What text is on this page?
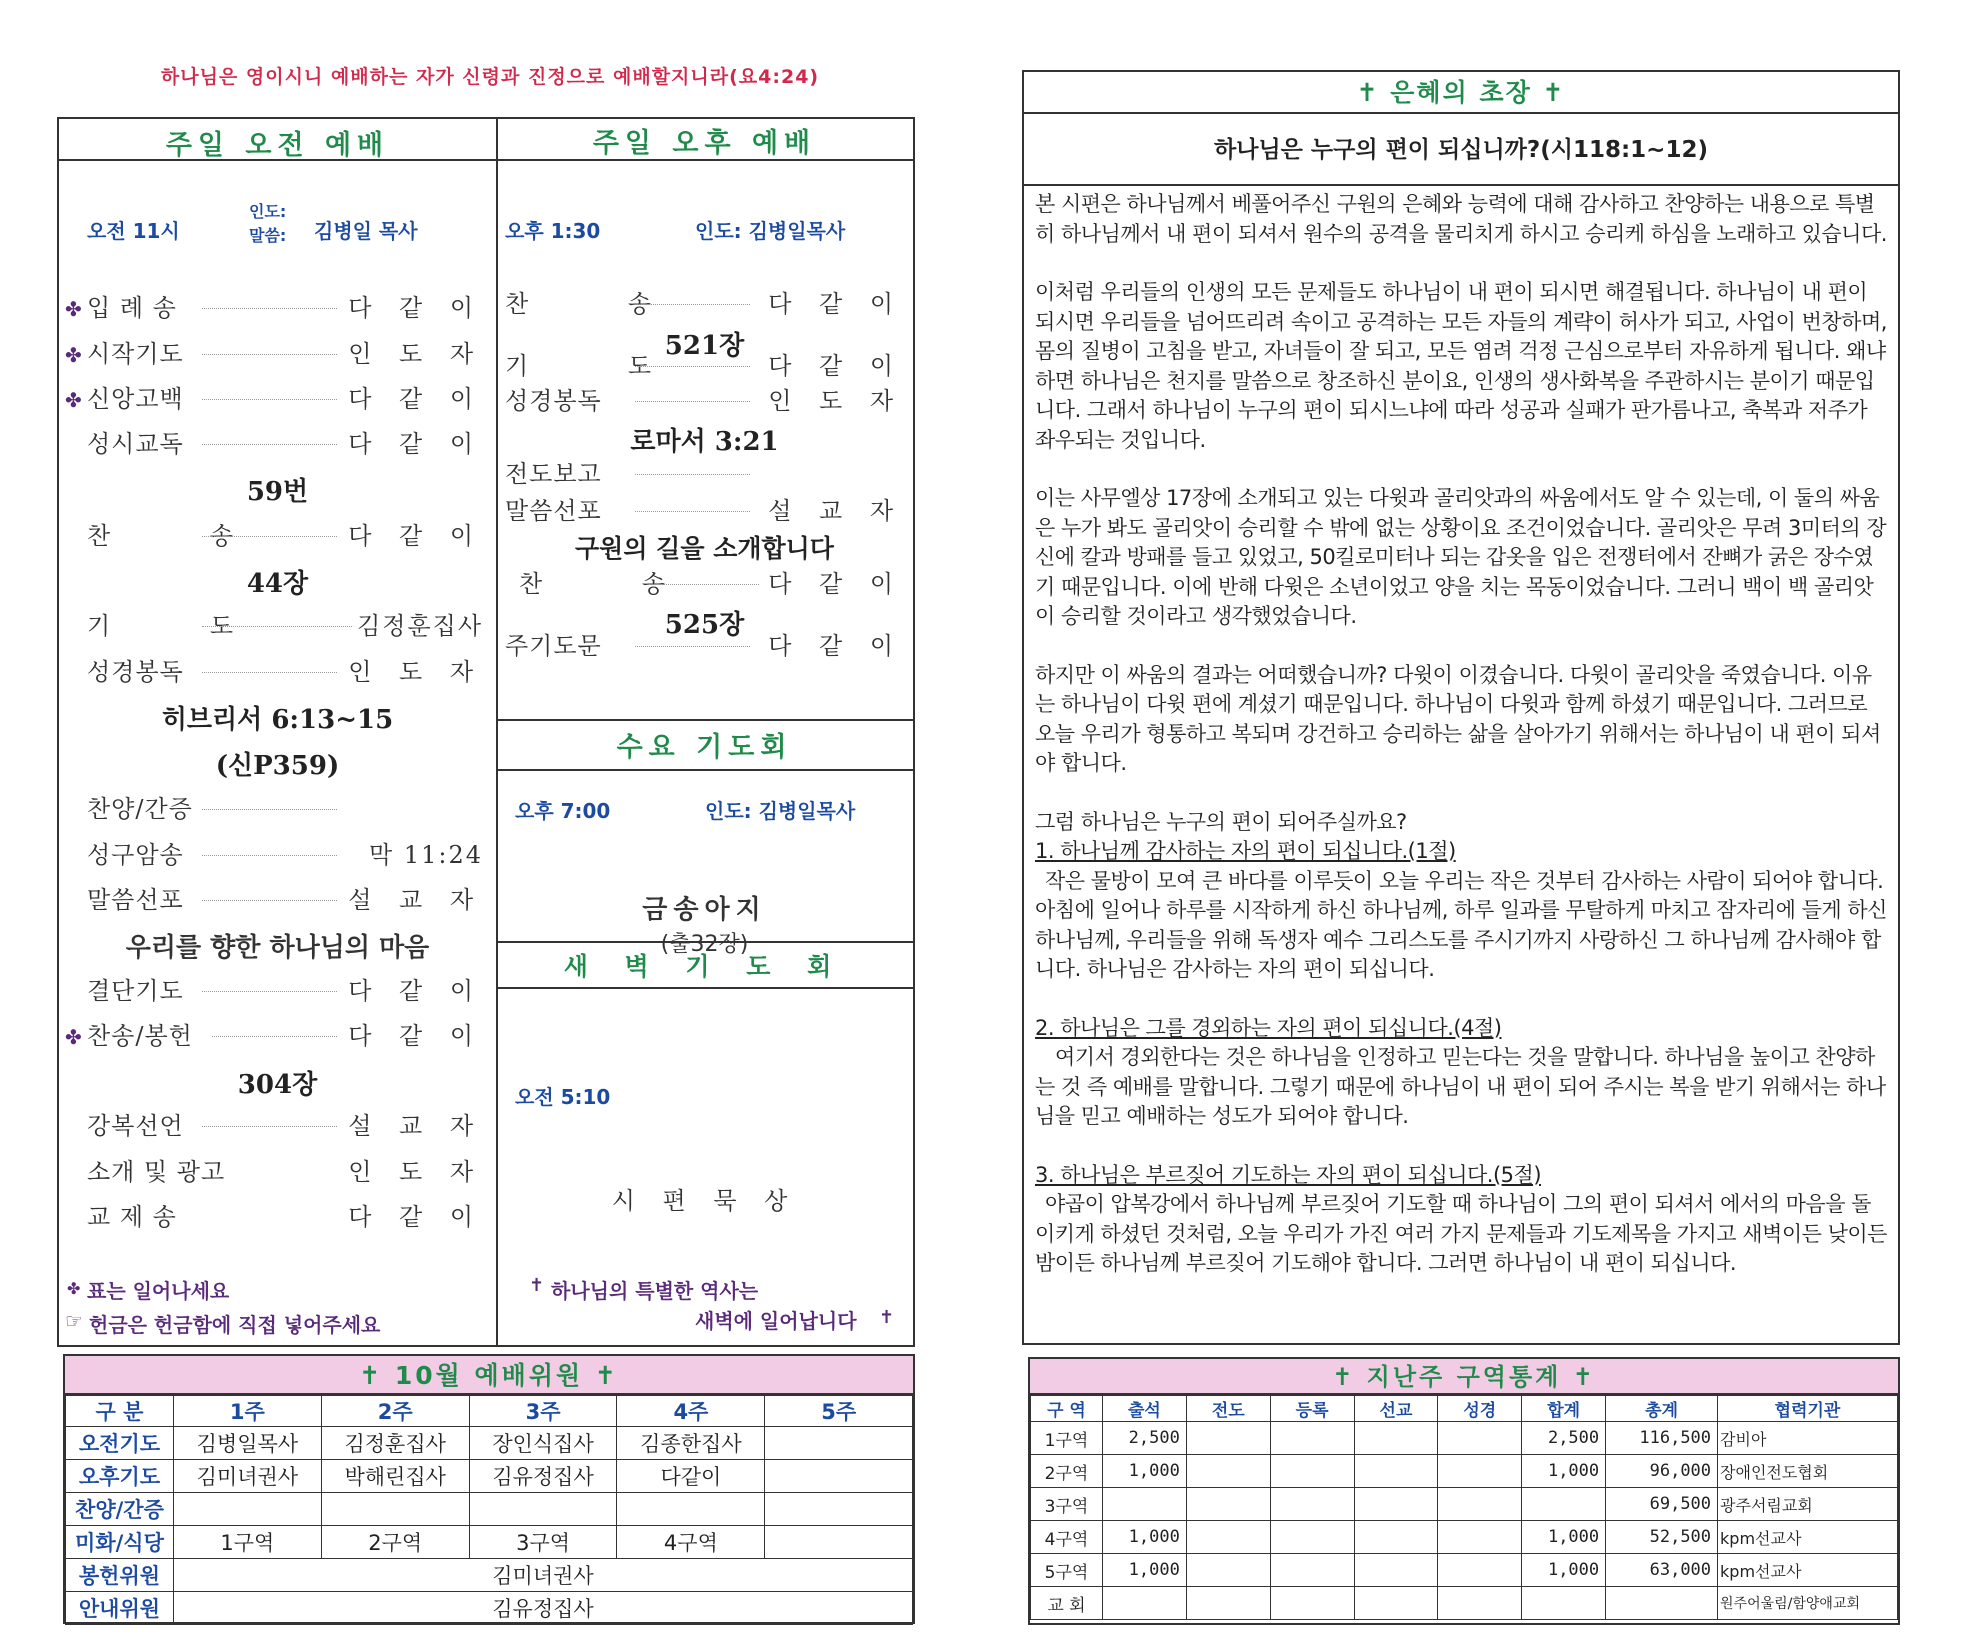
하나님은 영이시니 예배하는 자가 신령과 진정으로 예배할지니라(요4:24)
주일 오전 예배
오전 11시
인도:
말씀: 김병일 목사
✤ 입 례 송	다 같 이
✤ 시작기도	인 도 자
✤ 신앙고백	다 같 이
성시교독	다 같 이
59번
찬 송	다 같 이
44장
기 도	김정훈집사
성경봉독	인 도 자
히브리서 6:13~15
(신P359)
찬양/간증
성구암송	막 11:24
말씀선포	설 교 자
우리를 향한 하나님의 마음
결단기도	다 같 이
✤ 찬송/봉헌	다 같 이
304장
강복선언	설 교 자
소개 및 광고	인 도 자
교 제 송	다 같 이
✤ 표는 일어나세요
☞ 헌금은 헌금함에 직접 넣어주세요
주일 오후 예배
오후 1:30	인도: 김병일목사
찬 송	다 같 이
521장
기 도	다 같 이
성경봉독	인 도 자
로마서 3:21
전도보고
말씀선포	설 교 자
구원의 길을 소개합니다
찬 송 다 같 이
525장
주기도문	다 같 이
수요 기도회
오후 7:00	인도: 김병일목사
금송아지
(출32장)
새 벽 기 도 회
오전 5:10
시 편 묵 상
✝ 하나님의 특별한 역사는
새벽에 일어납니다 ✝
✝ 10월 예배위원 ✝
구 분	1주	2주	3주	4주	5주
오전기도	김병일목사	김정훈집사	장인식집사	김종한집사	
오후기도	김미녀권사	박해린집사	김유정집사	다같이	
찬양/간증					
미화/식당	1구역	2구역	3구역	4구역	
봉헌위원	김미녀권사				
안내위원	김유정집사				
✝ 은혜의 초장 ✝
하나님은 누구의 편이 되십니까?(시118:1~12)

본 시편은 하나님께서 베풀어주신 구원의 은혜와 능력에 대해 감사하고 찬양하는 내용으로 특별히 하나님께서 내 편이 되셔서 원수의 공격을 물리치게 하시고 승리케 하심을 노래하고 있습니다.

이처럼 우리들의 인생의 모든 문제들도 하나님이 내 편이 되시면 해결됩니다. 하나님이 내 편이 되시면 우리들을 넘어뜨리려 속이고 공격하는 모든 자들의 계략이 허사가 되고, 사업이 번창하며, 몸의 질병이 고침을 받고, 자녀들이 잘 되고, 모든 염려 걱정 근심으로부터 자유하게 됩니다. 왜냐하면 하나님은 천지를 말씀으로 창조하신 분이요, 인생의 생사화복을 주관하시는 분이기 때문입니다. 그래서 하나님이 누구의 편이 되시느냐에 따라 성공과 실패가 판가름나고, 축복과 저주가 좌우되는 것입니다.

이는 사무엘상 17장에 소개되고 있는 다윗과 골리앗과의 싸움에서도 알 수 있는데, 이 둘의 싸움은 누가 봐도 골리앗이 승리할 수 밖에 없는 상황이요 조건이었습니다. 골리앗은 무려 3미터의 장신에 칼과 방패를 들고 있었고, 50킬로미터나 되는 갑옷을 입은 전쟁터에서 잔뼈가 굵은 장수였기 때문입니다. 이에 반해 다윗은 소년이었고 양을 치는 목동이었습니다. 그러니 백이 백 골리앗이 승리할 것이라고 생각했었습니다.

하지만 이 싸움의 결과는 어떠했습니까? 다윗이 이겼습니다. 다윗이 골리앗을 죽였습니다. 이유는 하나님이 다윗 편에 계셨기 때문입니다. 하나님이 다윗과 함께 하셨기 때문입니다. 그러므로 오늘 우리가 형통하고 복되며 강건하고 승리하는 삶을 살아가기 위해서는 하나님이 내 편이 되셔야 합니다.

그럼 하나님은 누구의 편이 되어주실까요?
1. 하나님께 감사하는 자의 편이 되십니다.(1절)

작은 물방이 모여 큰 바다를 이루듯이 오늘 우리는 작은 것부터 감사하는 사람이 되어야 합니다. 아침에 일어나 하루를 시작하게 하신 하나님께, 하루 일과를 무탈하게 마치고 잠자리에 들게 하신 하나님께, 우리들을 위해 독생자 예수 그리스도를 주시기까지 사랑하신 그 하나님께 감사해야 합니다. 하나님은 감사하는 자의 편이 되십니다.

2. 하나님은 그를 경외하는 자의 편이 되십니다.(4절)

여기서 경외한다는 것은 하나님을 인정하고 믿는다는 것을 말합니다. 하나님을 높이고 찬양하는 것 즉 예배를 말합니다. 그렇기 때문에 하나님이 내 편이 되어 주시는 복을 받기 위해서는 하나님을 믿고 예배하는 성도가 되어야 합니다.

3. 하나님은 부르짖어 기도하는 자의 편이 되십니다.(5절)

야곱이 압복강에서 하나님께 부르짖어 기도할 때 하나님이 그의 편이 되셔서 에서의 마음을 돌이키게 하셨던 것처럼, 오늘 우리가 가진 여러 가지 문제들과 기도제목을 가지고 새벽이든 낮이든 밤이든 하나님께 부르짖어 기도해야 합니다. 그러면 하나님이 내 편이 되십니다.

✝ 지난주 구역통계 ✝
구 역	출석	전도	등록	선교	성경	합계	총계	협력기관
1구역	2,500					2,500	116,500	감비아
2구역	1,000					1,000	96,000	장애인전도협회
3구역							69,500	광주서림교회
4구역	1,000					1,000	52,500	kpm선교사
5구역	1,000					1,000	63,000	kpm선교사
교 회								원주어울림/함양애교회
